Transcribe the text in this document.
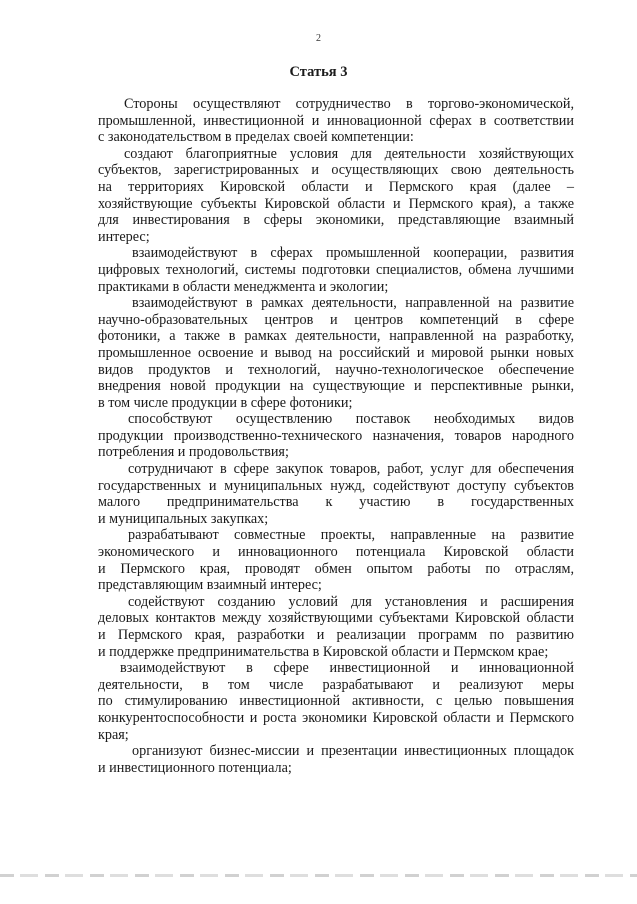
2
Статья 3
Стороны осуществляют сотрудничество в торгово-экономической,
промышленной, инвестиционной и инновационной сферах в соответствии
с законодательством в пределах своей компетенции:
создают благоприятные условия для деятельности хозяйствующих
субъектов, зарегистрированных и осуществляющих свою деятельность
на территориях Кировской области и Пермского края (далее –
хозяйствующие субъекты Кировской области и Пермского края), а также
для инвестирования в сферы экономики, представляющие взаимный
интерес;
взаимодействуют в сферах промышленной кооперации, развития
цифровых технологий, системы подготовки специалистов, обмена лучшими
практиками в области менеджмента и экологии;
взаимодействуют в рамках деятельности, направленной на развитие
научно-образовательных центров и центров компетенций в сфере
фотоники, а также в рамках деятельности, направленной на разработку,
промышленное освоение и вывод на российский и мировой рынки новых
видов продуктов и технологий, научно-технологическое обеспечение
внедрения новой продукции на существующие и перспективные рынки,
в том числе продукции в сфере фотоники;
способствуют осуществлению поставок необходимых видов
продукции производственно-технического назначения, товаров народного
потребления и продовольствия;
сотрудничают в сфере закупок товаров, работ, услуг для обеспечения
государственных и муниципальных нужд, содействуют доступу субъектов
малого предпринимательства к участию в государственных
и муниципальных закупках;
разрабатывают совместные проекты, направленные на развитие
экономического и инновационного потенциала Кировской области
и Пермского края, проводят обмен опытом работы по отраслям,
представляющим взаимный интерес;
содействуют созданию условий для установления и расширения
деловых контактов между хозяйствующими субъектами Кировской области
и Пермского края, разработки и реализации программ по развитию
и поддержке предпринимательства в Кировской области и Пермском крае;
взаимодействуют в сфере инвестиционной и инновационной
деятельности, в том числе разрабатывают и реализуют меры
по стимулированию инвестиционной активности, с целью повышения
конкурентоспособности и роста экономики Кировской области и Пермского
края;
организуют бизнес-миссии и презентации инвестиционных площадок
и инвестиционного потенциала;
